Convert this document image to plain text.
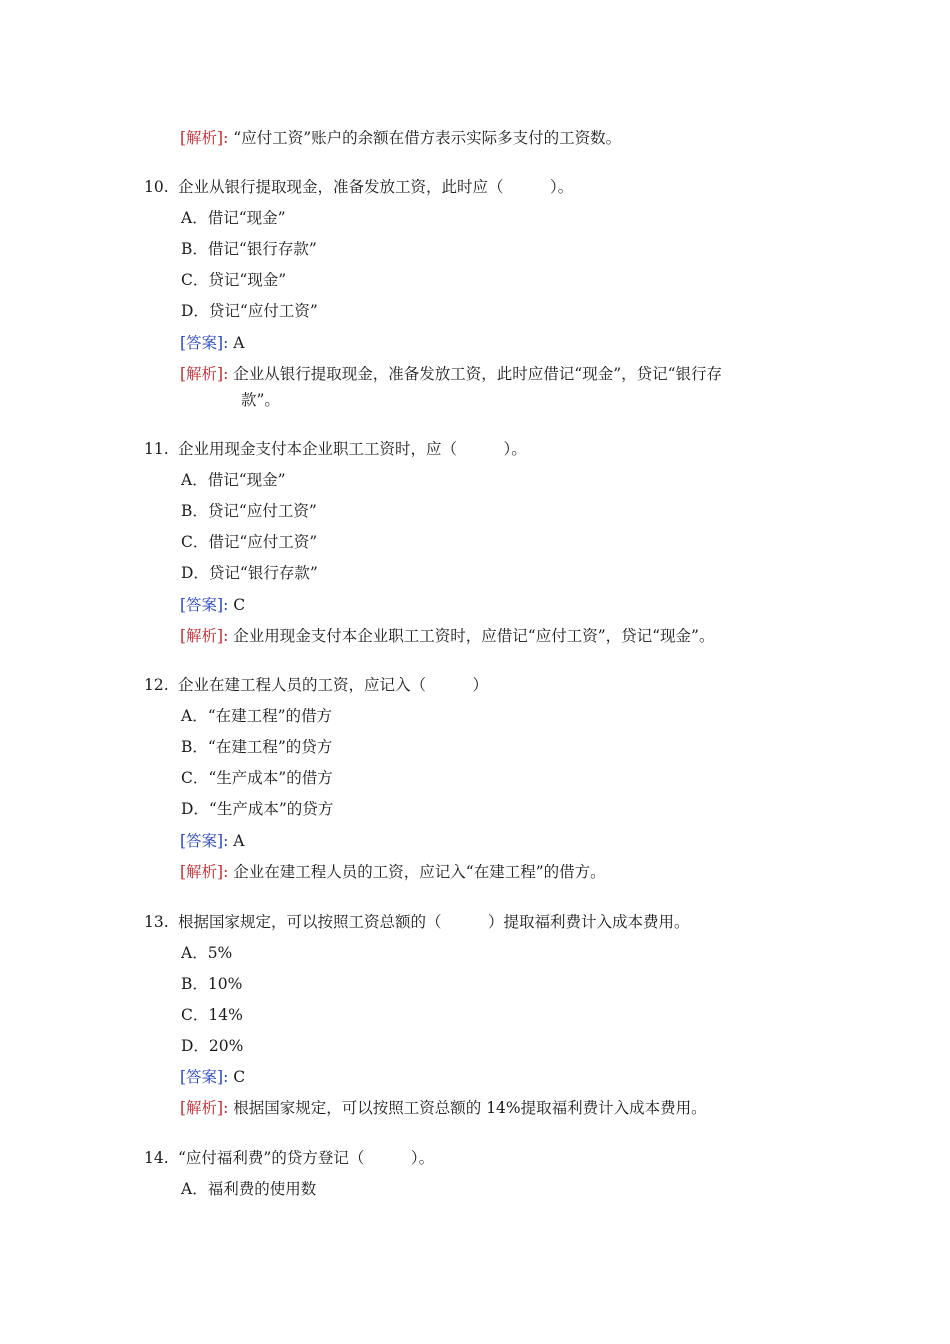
[解析]: “应付工资”账户的余额在借方表示实际多支付的工资数。
10. 企业从银行提取现金，准备发放工资，此时应（　　　）。
A．借记“现金”
B．借记“银行存款”
C．贷记“现金”
D．贷记“应付工资”
[答案]: A
[解析]: 企业从银行提取现金，准备发放工资，此时应借记“现金”，贷记“银行存
款”。
11. 企业用现金支付本企业职工工资时，应（　　　）。
A．借记“现金”
B．贷记“应付工资”
C．借记“应付工资”
D．贷记“银行存款”
[答案]: C
[解析]: 企业用现金支付本企业职工工资时，应借记“应付工资”，贷记“现金”。
12. 企业在建工程人员的工资，应记入（　　　）
A．“在建工程”的借方
B．“在建工程”的贷方
C．“生产成本”的借方
D．“生产成本”的贷方
[答案]: A
[解析]: 企业在建工程人员的工资，应记入“在建工程”的借方。
13. 根据国家规定，可以按照工资总额的（　　　）提取福利费计入成本费用。
A．5%
B．10%
C．14%
D．20%
[答案]: C
[解析]: 根据国家规定，可以按照工资总额的 14%提取福利费计入成本费用。
14. “应付福利费”的贷方登记（　　　）。
A．福利费的使用数
